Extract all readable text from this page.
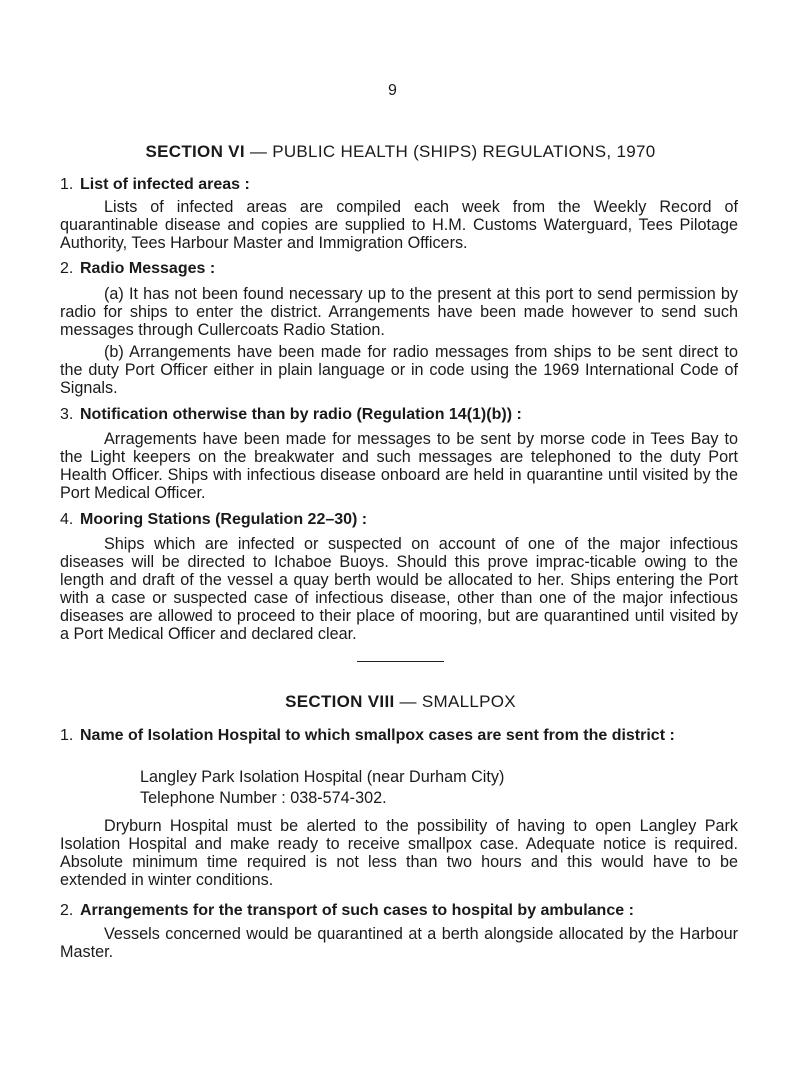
9
SECTION VI — PUBLIC HEALTH (SHIPS) REGULATIONS, 1970
1. List of infected areas :
Lists of infected areas are compiled each week from the Weekly Record of quarantinable disease and copies are supplied to H.M. Customs Waterguard, Tees Pilotage Authority, Tees Harbour Master and Immigration Officers.
2. Radio Messages :
(a) It has not been found necessary up to the present at this port to send permission by radio for ships to enter the district. Arrangements have been made however to send such messages through Cullercoats Radio Station.
(b) Arrangements have been made for radio messages from ships to be sent direct to the duty Port Officer either in plain language or in code using the 1969 International Code of Signals.
3. Notification otherwise than by radio (Regulation 14(1)(b)) :
Arragements have been made for messages to be sent by morse code in Tees Bay to the Light keepers on the breakwater and such messages are telephoned to the duty Port Health Officer. Ships with infectious disease onboard are held in quarantine until visited by the Port Medical Officer.
4. Mooring Stations (Regulation 22–30) :
Ships which are infected or suspected on account of one of the major infectious diseases will be directed to Ichaboe Buoys. Should this prove imprac-ticable owing to the length and draft of the vessel a quay berth would be allocated to her. Ships entering the Port with a case or suspected case of infectious disease, other than one of the major infectious diseases are allowed to proceed to their place of mooring, but are quarantined until visited by a Port Medical Officer and declared clear.
SECTION VIII — SMALLPOX
1. Name of Isolation Hospital to which smallpox cases are sent from the district :
Langley Park Isolation Hospital (near Durham City)
Telephone Number : 038-574-302.
Dryburn Hospital must be alerted to the possibility of having to open Langley Park Isolation Hospital and make ready to receive smallpox case. Adequate notice is required. Absolute minimum time required is not less than two hours and this would have to be extended in winter conditions.
2. Arrangements for the transport of such cases to hospital by ambulance :
Vessels concerned would be quarantined at a berth alongside allocated by the Harbour Master.
